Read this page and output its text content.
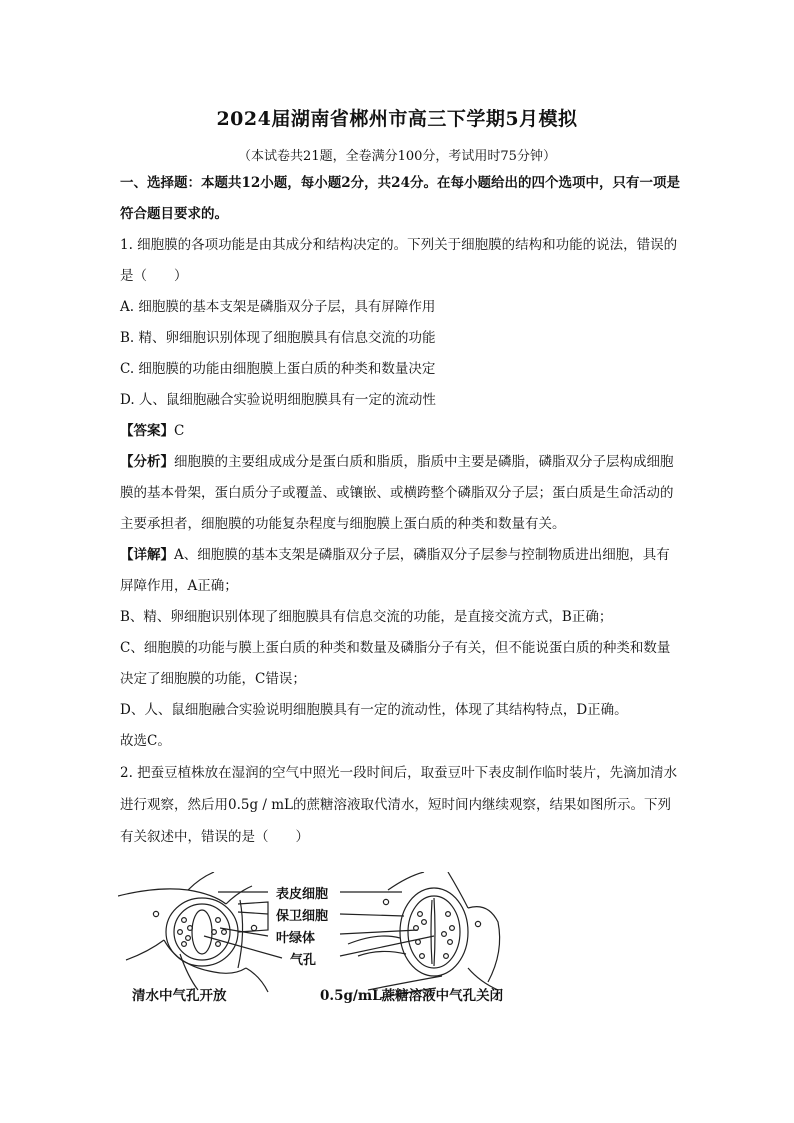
2024届湖南省郴州市高三下学期5月模拟
（本试卷共21题，全卷满分100分，考试用时75分钟）

一、选择题：本题共12小题，每小题2分，共24分。在每小题给出的四个选项中，只有一项是符合题目要求的。

1. 细胞膜的各项功能是由其成分和结构决定的。下列关于细胞膜的结构和功能的说法，错误的是（　　）

A. 细胞膜的基本支架是磷脂双分子层，具有屏障作用

B. 精、卵细胞识别体现了细胞膜具有信息交流的功能

C. 细胞膜的功能由细胞膜上蛋白质的种类和数量决定

D. 人、鼠细胞融合实验说明细胞膜具有一定的流动性

【答案】C

【分析】细胞膜的主要组成成分是蛋白质和脂质，脂质中主要是磷脂，磷脂双分子层构成细胞膜的基本骨架，蛋白质分子或覆盖、或镶嵌、或横跨整个磷脂双分子层；蛋白质是生命活动的主要承担者，细胞膜的功能复杂程度与细胞膜上蛋白质的种类和数量有关。

【详解】A、细胞膜的基本支架是磷脂双分子层，磷脂双分子层参与控制物质进出细胞，具有屏障作用，A正确；

B、精、卵细胞识别体现了细胞膜具有信息交流的功能，是直接交流方式，B正确；

C、细胞膜的功能与膜上蛋白质的种类和数量及磷脂分子有关，但不能说蛋白质的种类和数量决定了细胞膜的功能，C错误；

D、人、鼠细胞融合实验说明细胞膜具有一定的流动性，体现了其结构特点，D正确。

故选C。

2. 把蚕豆植株放在湿润的空气中照光一段时间后，取蚕豆叶下表皮制作临时装片，先滴加清水进行观察，然后用0.5g / mL的蔗糖溶液取代清水，短时间内继续观察，结果如图所示。下列有关叙述中，错误的是（　　）

表皮细胞
保卫细胞
叶绿体
气孔
清水中气孔开放	0.5g/mL蔗糖溶液中气孔关闭
